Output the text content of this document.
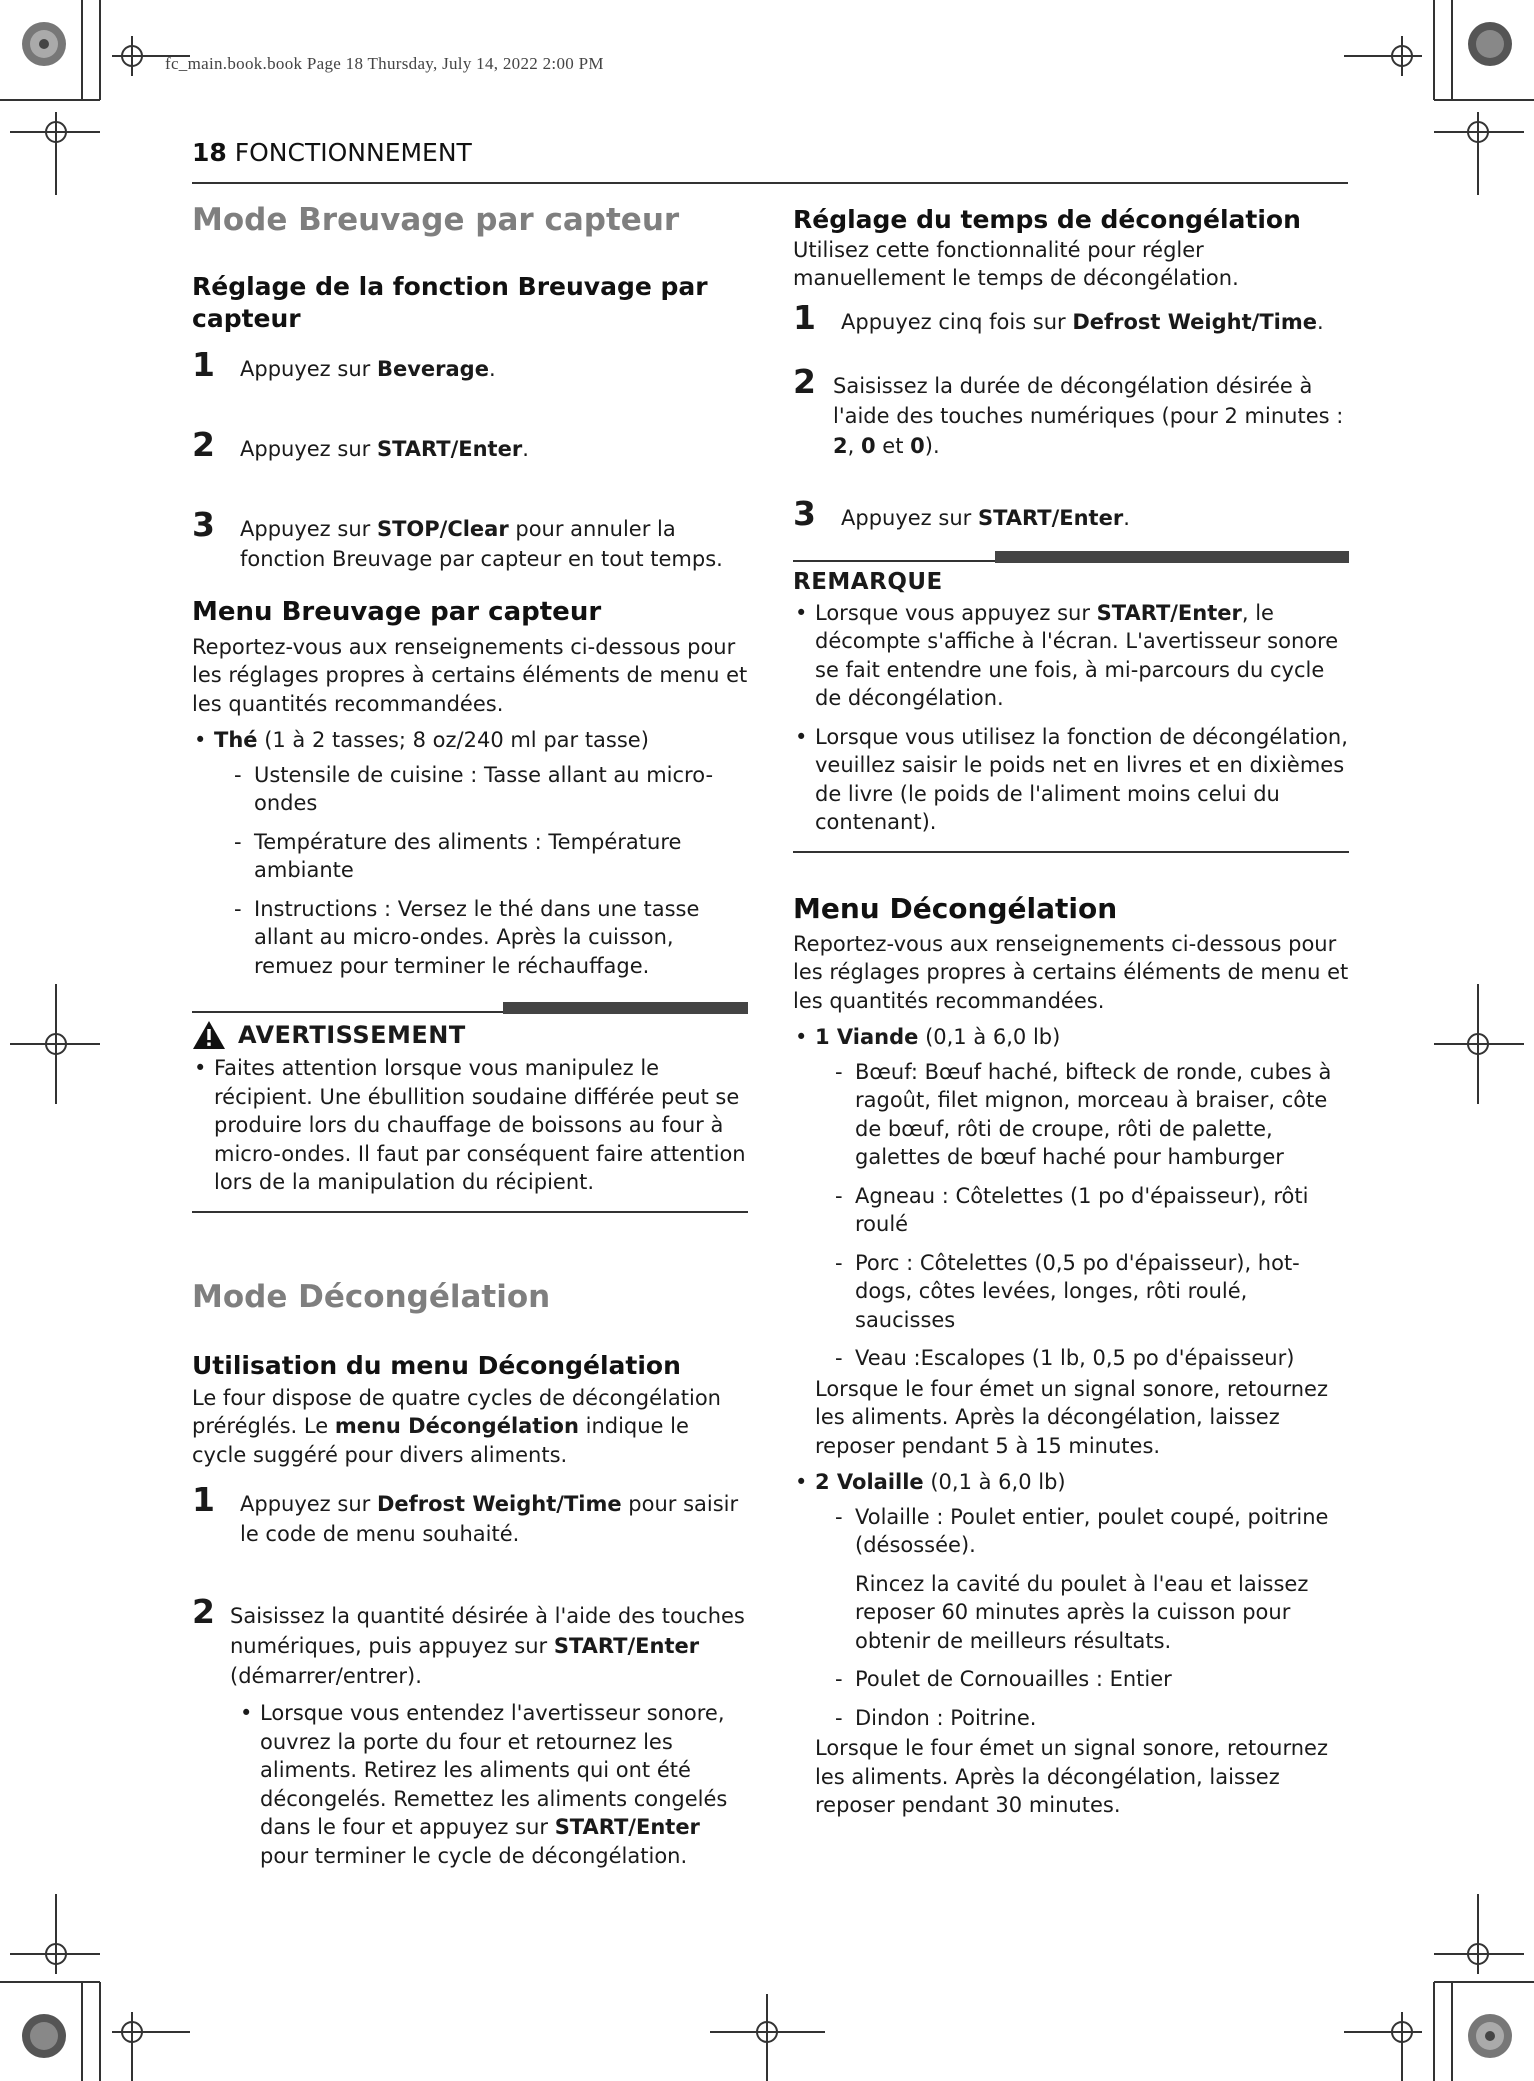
fc_main.book.book Page 18 Thursday, July 14, 2022 2:00 PM
18 FONCTIONNEMENT
Mode Breuvage par capteur
Réglage de la fonction Breuvage par capteur
1	Appuyez sur Beverage.
2	Appuyez sur START/Enter.
3	Appuyez sur STOP/Clear pour annuler la fonction Breuvage par capteur en tout temps.
Menu Breuvage par capteur

Reportez-vous aux renseignements ci-dessous pour les réglages propres à certains éléments de menu et les quantités recommandées.

• Thé (1 à 2 tasses; 8 oz/240 ml par tasse)
- Ustensile de cuisine : Tasse allant au micro-ondes
- Température des aliments : Température ambiante
- Instructions : Versez le thé dans une tasse allant au micro-ondes. Après la cuisson, remuez pour terminer le réchauffage.
AVERTISSEMENT
• Faites attention lorsque vous manipulez le récipient. Une ébullition soudaine différée peut se produire lors du chauffage de boissons au four à micro-ondes. Il faut par conséquent faire attention lors de la manipulation du récipient.
Mode Décongélation
Utilisation du menu Décongélation

Le four dispose de quatre cycles de décongélation préréglés. Le menu Décongélation indique le cycle suggéré pour divers aliments.

1	Appuyez sur Defrost Weight/Time pour saisir le code de menu souhaité.
2 Saisissez la quantité désirée à l'aide des touches numériques, puis appuyez sur START/Enter (démarrer/entrer).
• Lorsque vous entendez l'avertisseur sonore, ouvrez la porte du four et retournez les aliments. Retirez les aliments qui ont été décongelés. Remettez les aliments congelés dans le four et appuyez sur START/Enter pour terminer le cycle de décongélation.
Réglage du temps de décongélation

Utilisez cette fonctionnalité pour régler manuellement le temps de décongélation.

1	Appuyez cinq fois sur Defrost Weight/Time.
2 Saisissez la durée de décongélation désirée à l'aide des touches numériques (pour 2 minutes : 2, 0 et 0).
3	Appuyez sur START/Enter.
REMARQUE
• Lorsque vous appuyez sur START/Enter, le décompte s'affiche à l'écran. L'avertisseur sonore se fait entendre une fois, à mi-parcours du cycle de décongélation.
• Lorsque vous utilisez la fonction de décongélation, veuillez saisir le poids net en livres et en dixièmes de livre (le poids de l'aliment moins celui du contenant).
Menu Décongélation

Reportez-vous aux renseignements ci-dessous pour les réglages propres à certains éléments de menu et les quantités recommandées.

• 1 Viande (0,1 à 6,0 lb)
- Bœuf: Bœuf haché, bifteck de ronde, cubes à ragoût, filet mignon, morceau à braiser, côte de bœuf, rôti de croupe, rôti de palette, galettes de bœuf haché pour hamburger
- Agneau : Côtelettes (1 po d'épaisseur), rôti roulé
- Porc : Côtelettes (0,5 po d'épaisseur), hot-dogs, côtes levées, longes, rôti roulé, saucisses
- Veau :Escalopes (1 lb, 0,5 po d'épaisseur)

Lorsque le four émet un signal sonore, retournez les aliments. Après la décongélation, laissez reposer pendant 5 à 15 minutes.

• 2 Volaille (0,1 à 6,0 lb)
- Volaille : Poulet entier, poulet coupé, poitrine (désossée).

Rincez la cavité du poulet à l'eau et laissez reposer 60 minutes après la cuisson pour obtenir de meilleurs résultats.

- Poulet de Cornouailles : Entier
- Dindon : Poitrine.

Lorsque le four émet un signal sonore, retournez les aliments. Après la décongélation, laissez reposer pendant 30 minutes.
